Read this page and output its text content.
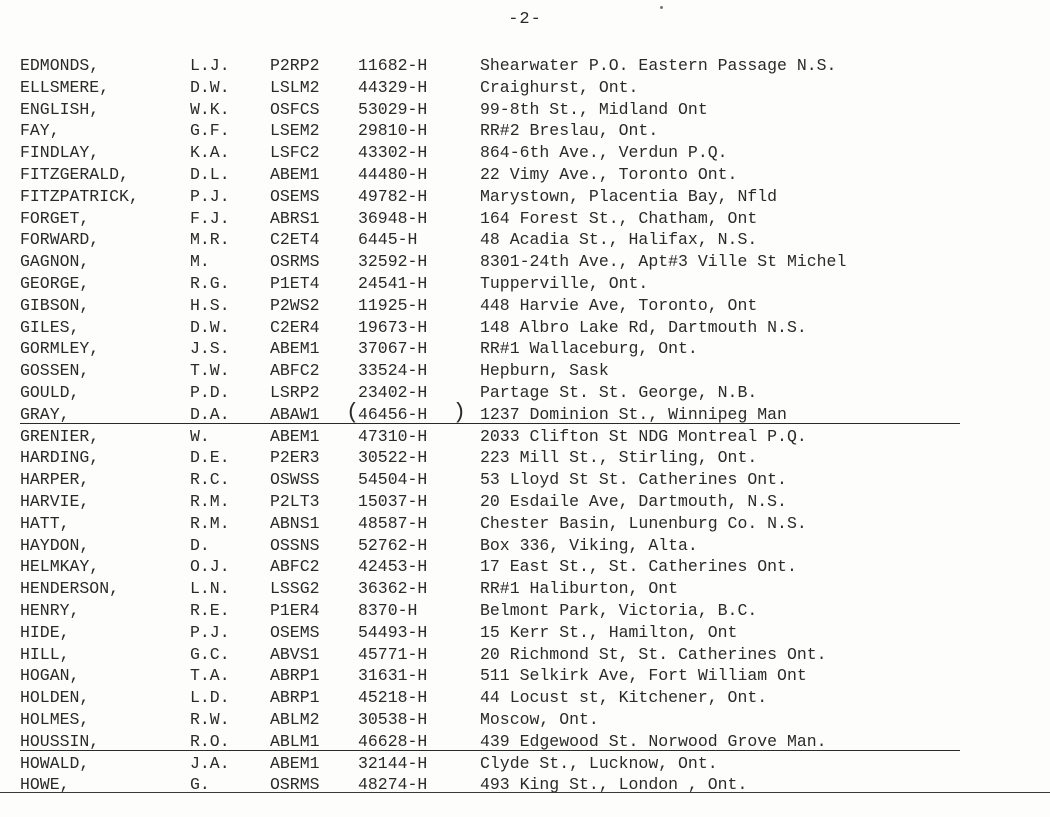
-2-
EDMONDS,	L.J. P2RP2 11682-H	Shearwater P.O. Eastern Passage N.S.
ELLSMERE,	D.W. LSLM2 44329-H	Craighurst, Ont.
ENGLISH,	W.K. OSFCS 53029-H	99-8th St., Midland Ont
FAY,	G.F. LSEM2 29810-H	RR#2 Breslau, Ont.
FINDLAY,	K.A. LSFC2 43302-H	864-6th Ave., Verdun P.Q.
FITZGERALD,	D.L. ABEM1 44480-H	22 Vimy Ave., Toronto Ont.
FITZPATRICK,	P.J. OSEMS 49782-H	Marystown, Placentia Bay, Nfld
FORGET,	F.J. ABRS1 36948-H	164 Forest St., Chatham, Ont
FORWARD,	M.R. C2ET4 6445-H	48 Acadia St., Halifax, N.S.
GAGNON,	M.	OSRMS 32592-H	8301-24th Ave., Apt#3 Ville St Michel
GEORGE,	R.G. P1ET4 24541-H	Tupperville, Ont.
GIBSON,	H.S. P2WS2 11925-H	448 Harvie Ave, Toronto, Ont
GILES,	D.W. C2ER4 19673-H	148 Albro Lake Rd, Dartmouth N.S.
GORMLEY,	J.S. ABEM1 37067-H	RR#1 Wallaceburg, Ont.
GOSSEN,	T.W. ABFC2 33524-H	Hepburn, Sask
GOULD,	P.D. LSRP2 23402-H	Partage St. St. George, N.B.
GRAY,	D.A. ABAW1
( 46456-H )	1237 Dominion St., Winnipeg Man
GRENIER,	W.	ABEM1 47310-H	2033 Clifton St NDG Montreal P.Q.
HARDING,	D.E. P2ER3 30522-H	223 Mill St., Stirling, Ont.
HARPER,	R.C. OSWSS 54504-H	53 Lloyd St St. Catherines Ont.
HARVIE,	R.M. P2LT3 15037-H	20 Esdaile Ave, Dartmouth, N.S.
HATT,	R.M. ABNS1 48587-H	Chester Basin, Lunenburg Co. N.S.
HAYDON,	D.	OSSNS 52762-H	Box 336, Viking, Alta.
HELMKAY,	O.J. ABFC2 42453-H	17 East St., St. Catherines Ont.
HENDERSON,	L.N. LSSG2 36362-H	RR#1 Haliburton, Ont
HENRY,	R.E. P1ER4 8370-H	Belmont Park, Victoria, B.C.
HIDE,	P.J. OSEMS 54493-H	15 Kerr St., Hamilton, Ont
HILL,	G.C. ABVS1 45771-H	20 Richmond St, St. Catherines Ont.
HOGAN,	T.A. ABRP1 31631-H	511 Selkirk Ave, Fort William Ont
HOLDEN,	L.D. ABRP1 45218-H	44 Locust st, Kitchener, Ont.
HOLMES,	R.W. ABLM2 30538-H	Moscow, Ont.
HOUSSIN,	R.O. ABLM1 46628-H	439 Edgewood St. Norwood Grove Man.
HOWALD,	J.A. ABEM1 32144-H	Clyde St., Lucknow, Ont.
HOWE,	G.	OSRMS 48274-H	493 King St., London , Ont.
